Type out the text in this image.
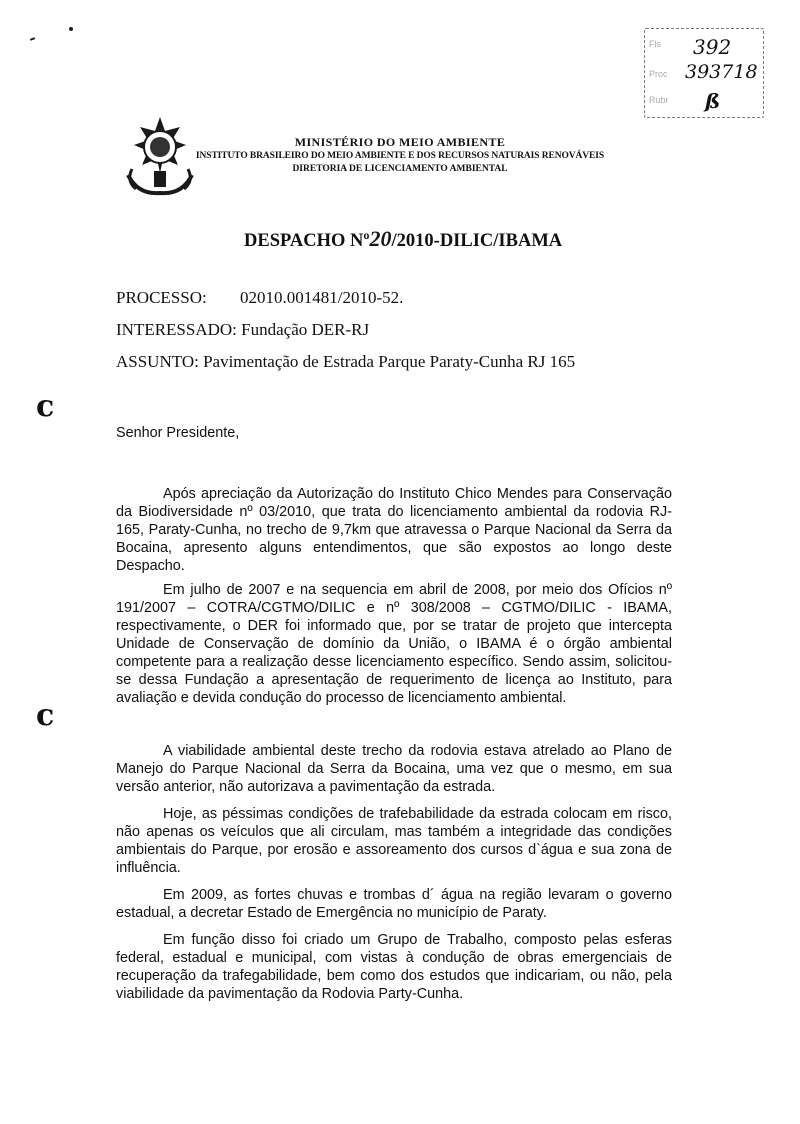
Fls
Proc
Rubr
392
393718
ß
MINISTÉRIO DO MEIO AMBIENTE
INSTITUTO BRASILEIRO DO MEIO AMBIENTE E DOS RECURSOS NATURAIS RENOVÁVEIS
DIRETORIA DE LICENCIAMENTO AMBIENTAL
DESPACHO Nº20/2010-DILIC/IBAMA
PROCESSO: 02010.001481/2010-52.
INTERESSADO: Fundação DER-RJ
ASSUNTO: Pavimentação de Estrada Parque Paraty-Cunha RJ 165
c
c
Senhor Presidente,
Após apreciação da Autorização do Instituto Chico Mendes para Conservação da Biodiversidade nº 03/2010, que trata do licenciamento ambiental da rodovia RJ-165, Paraty-Cunha, no trecho de 9,7km que atravessa o Parque Nacional da Serra da Bocaina, apresento alguns entendimentos, que são expostos ao longo deste Despacho.
Em julho de 2007 e na sequencia em abril de 2008, por meio dos Ofícios nº 191/2007 – COTRA/CGTMO/DILIC e nº 308/2008 – CGTMO/DILIC - IBAMA, respectivamente, o DER foi informado que, por se tratar de projeto que intercepta Unidade de Conservação de domínio da União, o IBAMA é o órgão ambiental competente para a realização desse licenciamento específico. Sendo assim, solicitou-se dessa Fundação a apresentação de requerimento de licença ao Instituto, para avaliação e devida condução do processo de licenciamento ambiental.
A viabilidade ambiental deste trecho da rodovia estava atrelado ao Plano de Manejo do Parque Nacional da Serra da Bocaina, uma vez que o mesmo, em sua versão anterior, não autorizava a pavimentação da estrada.
Hoje, as péssimas condições de trafebabilidade da estrada colocam em risco, não apenas os veículos que ali circulam, mas também a integridade das condições ambientais do Parque, por erosão e assoreamento dos cursos d`água e sua zona de influência.
Em 2009, as fortes chuvas e trombas d´ água na região levaram o governo estadual, a decretar Estado de Emergência no município de Paraty.
Em função disso foi criado um Grupo de Trabalho, composto pelas esferas federal, estadual e municipal, com vistas à condução de obras emergenciais de recuperação da trafegabilidade, bem como dos estudos que indicariam, ou não, pela viabilidade da pavimentação da Rodovia Party-Cunha.
